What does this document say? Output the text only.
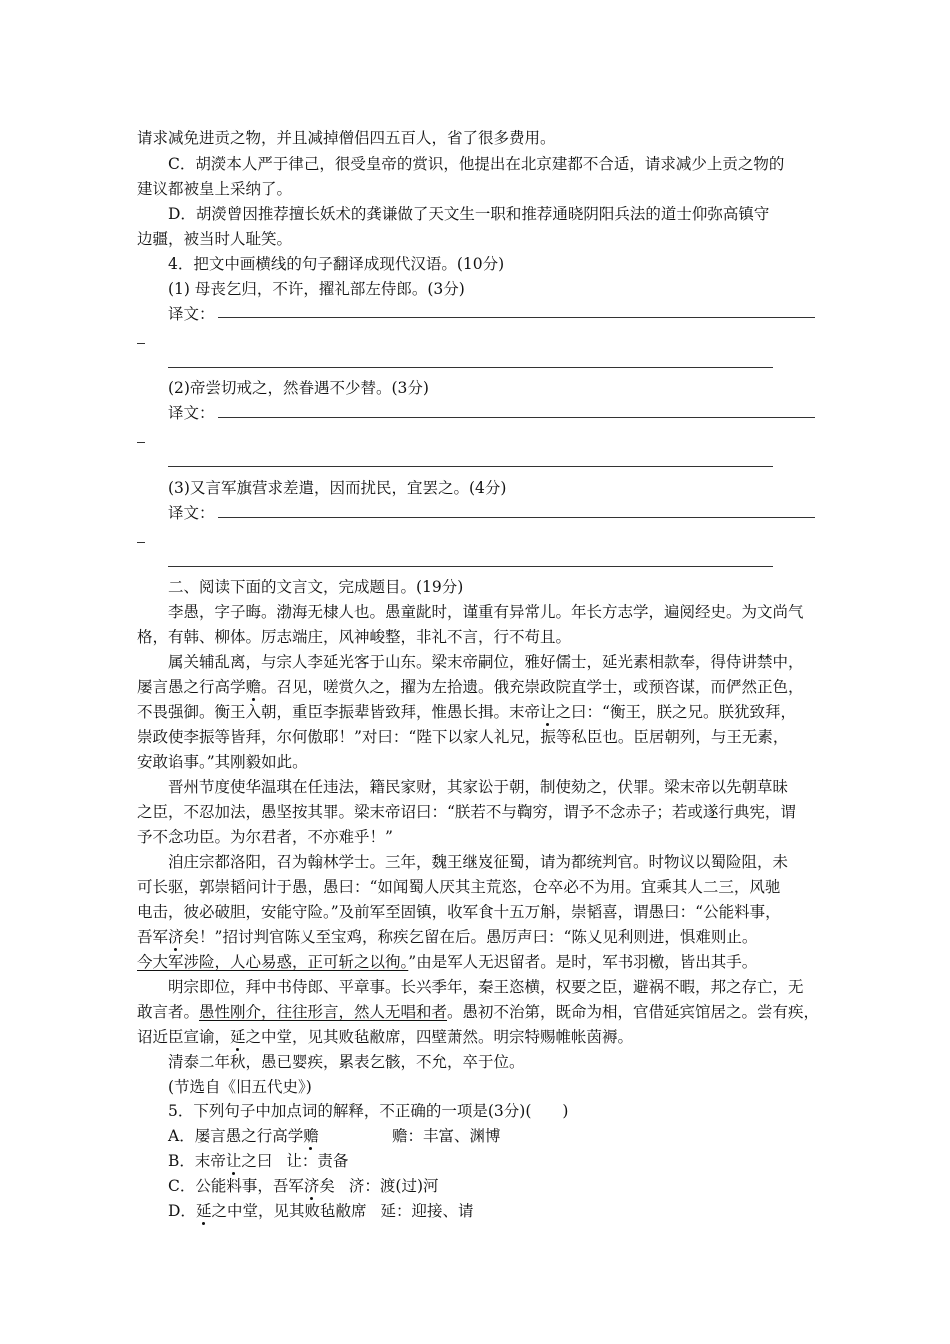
请求减免进贡之物，并且减掉僧侣四五百人，省了很多费用。
C．胡濙本人严于律己，很受皇帝的赏识，他提出在北京建都不合适，请求减少上贡之物的
建议都被皇上采纳了。
D．胡濙曾因推荐擅长妖术的龚谦做了天文生一职和推荐通晓阴阳兵法的道士仰弥高镇守
边疆，被当时人耻笑。
4．把文中画横线的句子翻译成现代汉语。(10分)
(1) 母丧乞归，不许，擢礼部左侍郎。(3分)
译文：
(2)帝尝切戒之，然眷遇不少替。(3分)
译文：
(3)又言军旗营求差遣，因而扰民，宜罢之。(4分)
译文：
二、阅读下面的文言文，完成题目。(19分)
李愚，字子晦。渤海无棣人也。愚童龀时，谨重有异常儿。年长方志学，遍阅经史。为文尚气
格，有韩、柳体。厉志端庄，风神峻整，非礼不言，行不苟且。
属关辅乱离，与宗人李延光客于山东。梁末帝嗣位，雅好儒士，延光素相款奉，得侍讲禁中，
屡言愚之行高学赡。召见，嗟赏久之，擢为左拾遗。俄充崇政院直学士，或预咨谋，而俨然正色，
不畏强御。衡王入朝，重臣李振辈皆致拜，惟愚长揖。末帝让之曰：“衡王，朕之兄。朕犹致拜，
崇政使李振等皆拜，尔何傲耶！”对曰：“陛下以家人礼兄，振等私臣也。臣居朝列，与王无素，
安敢谄事。”其刚毅如此。
晋州节度使华温琪在任违法，籍民家财，其家讼于朝，制使劾之，伏罪。梁末帝以先朝草昧
之臣，不忍加法，愚坚按其罪。梁末帝诏曰：“朕若不与鞫穷，谓予不念赤子；若或遂行典宪，谓
予不念功臣。为尔君者，不亦难乎！”
洎庄宗都洛阳，召为翰林学士。三年，魏王继岌征蜀，请为都统判官。时物议以蜀险阻，未
可长驱，郭崇韬问计于愚，愚曰：“如闻蜀人厌其主荒恣，仓卒必不为用。宜乘其人二三，风驰
电击，彼必破胆，安能守险。”及前军至固镇，收军食十五万斛，崇韬喜，谓愚曰：“公能料事，
吾军济矣！”招讨判官陈乂至宝鸡，称疾乞留在后。愚厉声曰：“陈乂见利则进，惧难则止。
今大军涉险，人心易惑，正可斩之以徇。”由是军人无迟留者。是时，军书羽檄，皆出其手。
明宗即位，拜中书侍郎、平章事。长兴季年，秦王恣横，权要之臣，避祸不暇，邦之存亡，无
敢言者。愚性刚介，往往形言，然人无唱和者。愚初不治第，既命为相，官借延宾馆居之。尝有疾，
诏近臣宣谕，延之中堂，见其败毡敝席，四壁萧然。明宗特赐帷帐茵褥。
清泰二年秋，愚已婴疾，累表乞骸，不允，卒于位。
(节选自《旧五代史》)
5．下列句子中加点词的解释，不正确的一项是(3分)(　　)
A．屡言愚之行高学赡	赡：丰富、渊博
B．末帝让之曰 让：责备
C．公能料事，吾军济矣 济：渡(过)河
D．延之中堂，见其败毡敝席 延：迎接、请
